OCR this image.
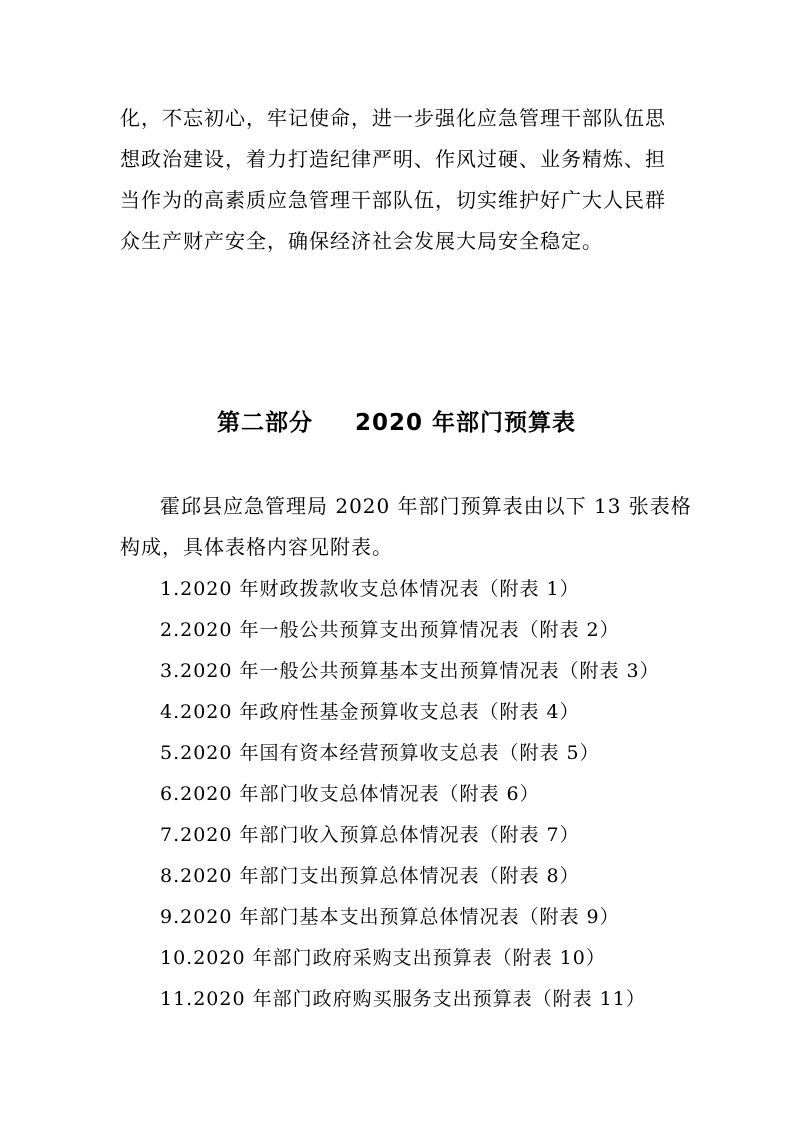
化，不忘初心，牢记使命，进一步强化应急管理干部队伍思
想政治建设，着力打造纪律严明、作风过硬、业务精炼、担
当作为的高素质应急管理干部队伍，切实维护好广大人民群
众生产财产安全，确保经济社会发展大局安全稳定。

第二部分 2020 年部门预算表

霍邱县应急管理局 2020 年部门预算表由以下 13 张表格
构成，具体表格内容见附表。

1.2020 年财政拨款收支总体情况表（附表 1）
2.2020 年一般公共预算支出预算情况表（附表 2）
3.2020 年一般公共预算基本支出预算情况表（附表 3）
4.2020 年政府性基金预算收支总表（附表 4）
5.2020 年国有资本经营预算收支总表（附表 5）
6.2020 年部门收支总体情况表（附表 6）
7.2020 年部门收入预算总体情况表（附表 7）
8.2020 年部门支出预算总体情况表（附表 8）
9.2020 年部门基本支出预算总体情况表（附表 9）
10.2020 年部门政府采购支出预算表（附表 10）
11.2020 年部门政府购买服务支出预算表（附表 11）
